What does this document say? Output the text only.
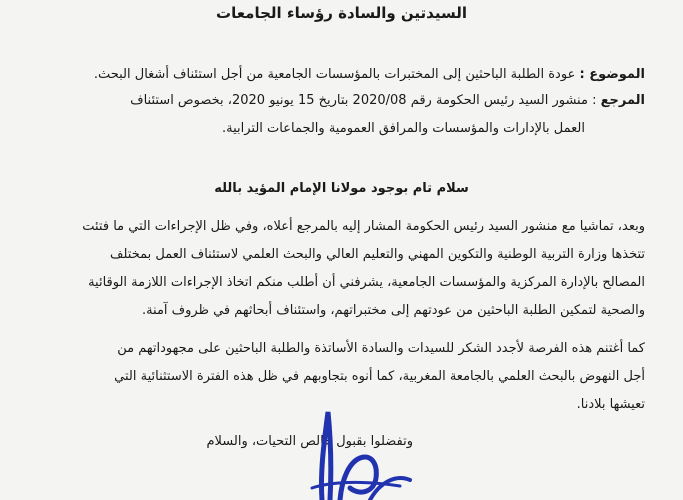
السيدتين والسادة رؤساء الجامعات
الموضوع : عودة الطلبة الباحثين إلى المختبرات بالمؤسسات الجامعية من أجل استئناف أشغال البحث.
المرجع : منشور السيد رئيس الحكومة رقم 2020/08 بتاريخ 15 يونيو 2020، بخصوص استئناف
العمل بالإدارات والمؤسسات والمرافق العمومية والجماعات الترابية.
سلام تام بوجود مولانا الإمام المؤيد بالله
وبعد، تماشيا مع منشور السيد رئيس الحكومة المشار إليه بالمرجع أعلاه، وفي ظل الإجراءات التي ما فتئت
تتخذها وزارة التربية الوطنية والتكوين المهني والتعليم العالي والبحث العلمي لاستئناف العمل بمختلف
المصالح بالإدارة المركزية والمؤسسات الجامعية، يشرفني أن أطلب منكم اتخاذ الإجراءات اللازمة الوقائية
والصحية لتمكين الطلبة الباحثين من عودتهم إلى مختبراتهم، واستئناف أبحاثهم في ظروف آمنة.
كما أغتنم هذه الفرصة لأجدد الشكر للسيدات والسادة الأساتذة والطلبة الباحثين على مجهوداتهم من
أجل النهوض بالبحث العلمي بالجامعة المغربية، كما أنوه بتجاوبهم في ظل هذه الفترة الاستثنائية التي
تعيشها بلادنا.
وتفضلوا بقبول خالص التحيات، والسلام
